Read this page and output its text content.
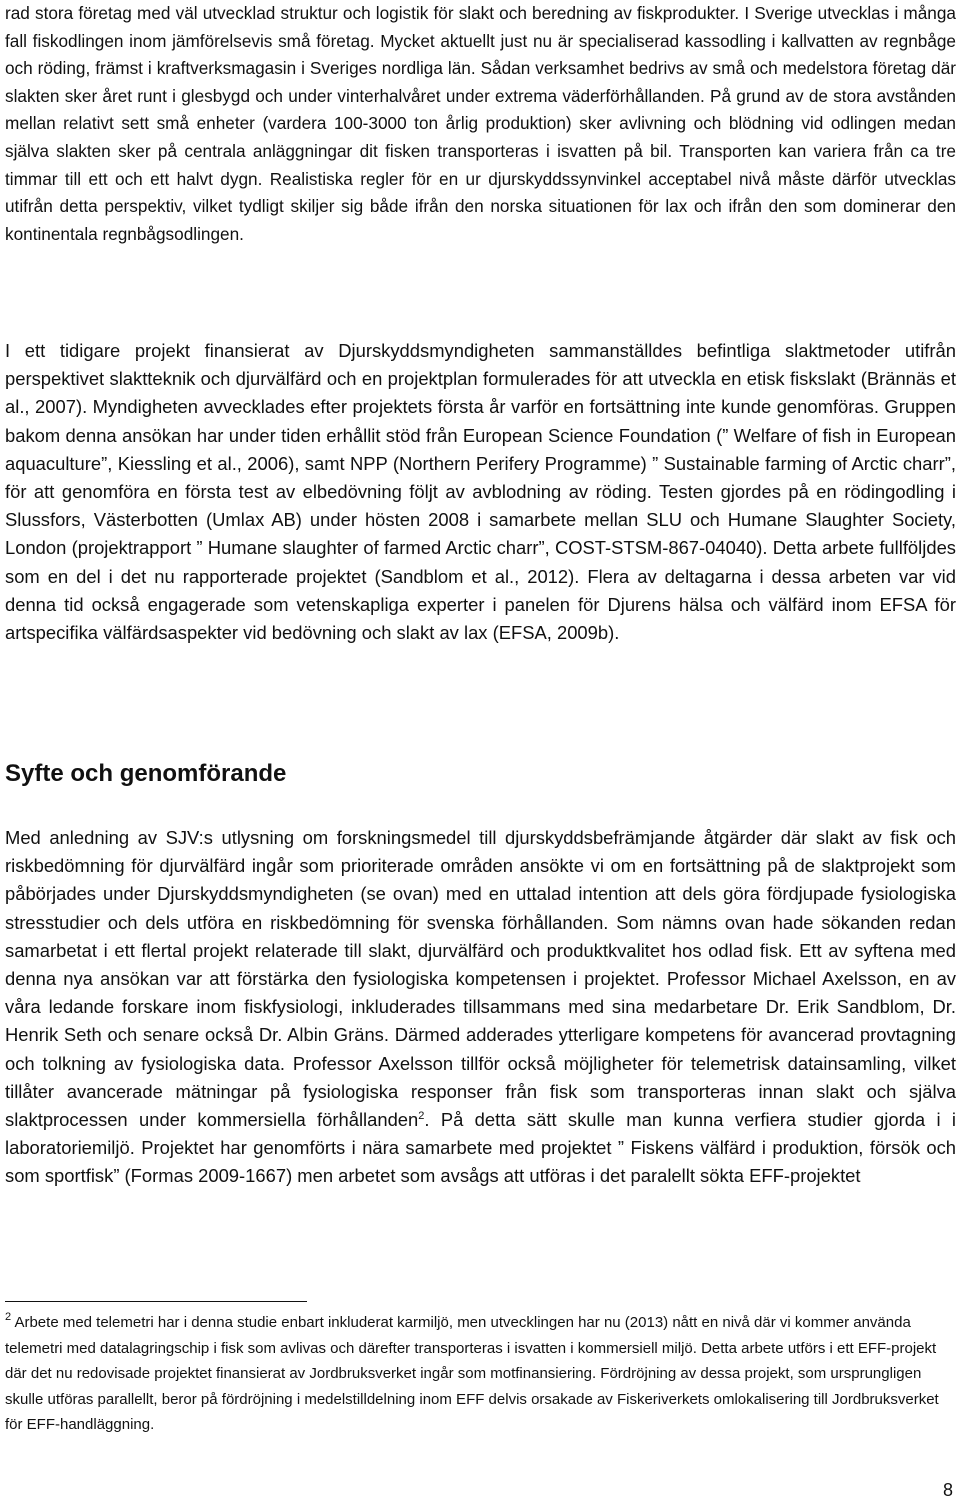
rad stora företag med väl utvecklad struktur och logistik för slakt och beredning av fiskprodukter. I Sverige utvecklas i många fall fiskodlingen inom jämförelsevis små företag. Mycket aktuellt just nu är specialiserad kassodling i kallvatten av regnbåge och röding, främst i kraftverksmagasin i Sveriges nordliga län. Sådan verksamhet bedrivs av små och medelstora företag där slakten sker året runt i glesbygd och under vinterhalvåret under extrema väderförhållanden. På grund av de stora avstånden mellan relativt sett små enheter (vardera 100-3000 ton årlig produktion) sker avlivning och blödning vid odlingen medan själva slakten sker på centrala anläggningar dit fisken transporteras i isvatten på bil. Transporten kan variera från ca tre timmar till ett och ett halvt dygn. Realistiska regler för en ur djurskyddssynvinkel acceptabel nivå måste därför utvecklas utifrån detta perspektiv, vilket tydligt skiljer sig både ifrån den norska situationen för lax och ifrån den som dominerar den kontinentala regnbågsodlingen.

I ett tidigare projekt finansierat av Djurskyddsmyndigheten sammanställdes befintliga slaktmetoder utifrån perspektivet slaktteknik och djurvälfärd och en projektplan formulerades för att utveckla en etisk fiskslakt (Brännäs et al., 2007). Myndigheten avvecklades efter projektets första år varför en fortsättning inte kunde genomföras. Gruppen bakom denna ansökan har under tiden erhållit stöd från European Science Foundation (” Welfare of fish in European aquaculture”, Kiessling et al., 2006), samt NPP (Northern Perifery Programme) ” Sustainable farming of Arctic charr”, för att genomföra en första test av elbedövning följt av avblodning av röding. Testen gjordes på en rödingodling i Slussfors, Västerbotten (Umlax AB) under hösten 2008 i samarbete mellan SLU och Humane Slaughter Society, London (projektrapport ” Humane slaughter of farmed Arctic charr”, COST-STSM-867-04040). Detta arbete fullföljdes som en del i det nu rapporterade projektet (Sandblom et al., 2012). Flera av deltagarna i dessa arbeten var vid denna tid också engagerade som vetenskapliga experter i panelen för Djurens hälsa och välfärd inom EFSA för artspecifika välfärdsaspekter vid bedövning och slakt av lax (EFSA, 2009b).

Syfte och genomförande

Med anledning av SJV:s utlysning om forskningsmedel till djurskyddsbefrämjande åtgärder där slakt av fisk och riskbedömning för djurvälfärd ingår som prioriterade områden ansökte vi om en fortsättning på de slaktprojekt som påbörjades under Djurskyddsmyndigheten (se ovan) med en uttalad intention att dels göra fördjupade fysiologiska stresstudier och dels utföra en riskbedömning för svenska förhållanden. Som nämns ovan hade sökanden redan samarbetat i ett flertal projekt relaterade till slakt, djurvälfärd och produktkvalitet hos odlad fisk. Ett av syftena med denna nya ansökan var att förstärka den fysiologiska kompetensen i projektet. Professor Michael Axelsson, en av våra ledande forskare inom fiskfysiologi, inkluderades tillsammans med sina medarbetare Dr. Erik Sandblom, Dr. Henrik Seth och senare också Dr. Albin Gräns. Därmed adderades ytterligare kompetens för avancerad provtagning och tolkning av fysiologiska data. Professor Axelsson tillför också möjligheter för telemetrisk datainsamling, vilket tillåter avancerade mätningar på fysiologiska responser från fisk som transporteras innan slakt och själva slaktprocessen under kommersiella förhållanden$^2$. På detta sätt skulle man kunna verfiera studier gjorda i i laboratoriemiljö. Projektet har genomförts i nära samarbete med projektet ” Fiskens välfärd i produktion, försök och som sportfisk” (Formas 2009-1667) men arbetet som avsågs att utföras i det paralellt sökta EFF-projektet

$^2$ Arbete med telemetri har i denna studie enbart inkluderat karmiljö, men utvecklingen har nu (2013) nått en nivå där vi kommer använda telemetri med datalagringschip i fisk som avlivas och därefter transporteras i isvatten i kommersiell miljö. Detta arbete utförs i ett EFF-projekt där det nu redovisade projektet finansierat av Jordbruksverket ingår som motfinansiering. Fördröjning av dessa projekt, som ursprungligen skulle utföras parallellt, beror på fördröjning i medelstilldelning inom EFF delvis orsakade av Fiskeriverkets omlokalisering till Jordbruksverket för EFF-handläggning.

8
